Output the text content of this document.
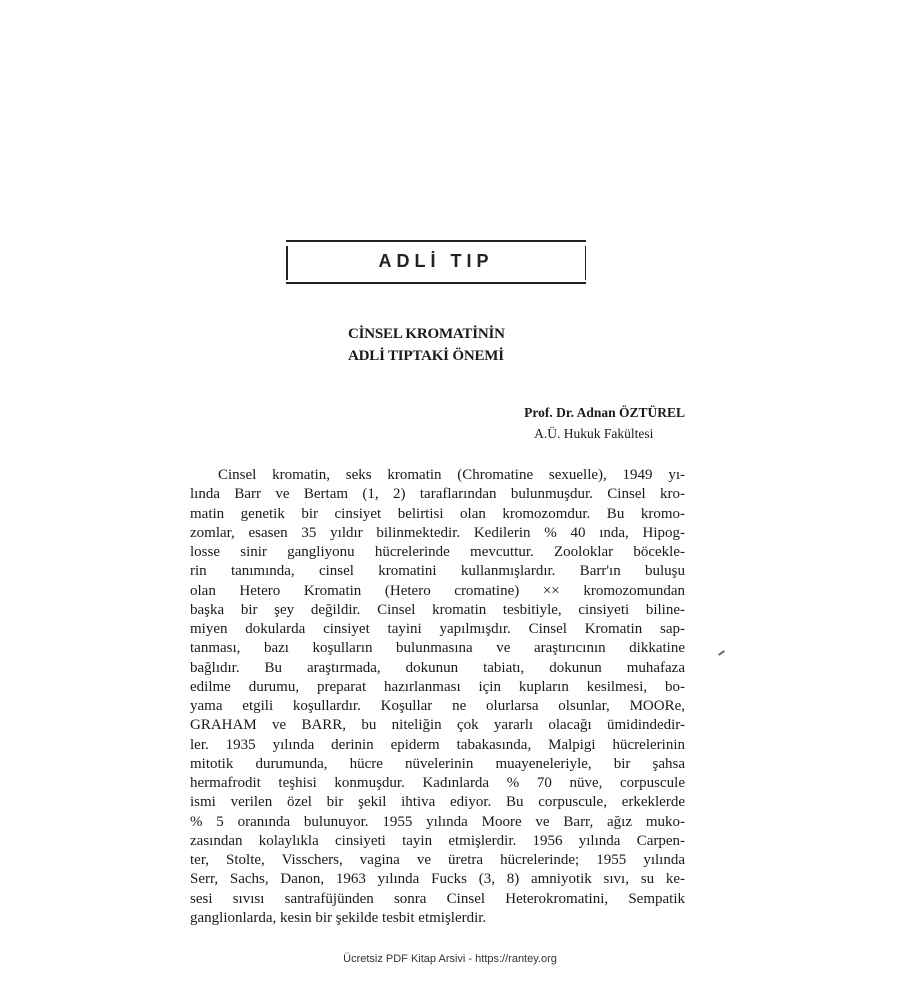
ADLİ TIP
CİNSEL KROMATİNİN
ADLİ TIPTAKİ ÖNEMİ
Prof. Dr. Adnan ÖZTÜREL
A.Ü. Hukuk Fakültesi
Cinsel kromatin, seks kromatin (Chromatine sexuelle), 1949 yı-
lında Barr ve Bertam (1, 2) taraflarından bulunmuşdur. Cinsel kro-
matin genetik bir cinsiyet belirtisi olan kromozomdur. Bu kromo-
zomlar, esasen 35 yıldır bilinmektedir. Kedilerin % 40 ında, Hipog-
losse sinir gangliyonu hücrelerinde mevcuttur. Zooloklar böcekle-
rin tanımında, cinsel kromatini kullanmışlardır. Barr'ın buluşu
olan Hetero Kromatin (Hetero cromatine) ×× kromozomundan
başka bir şey değildir. Cinsel kromatin tesbitiyle, cinsiyeti biline-
miyen dokularda cinsiyet tayini yapılmışdır. Cinsel Kromatin sap-
tanması, bazı koşulların bulunmasına ve araştırıcının dikkatine
bağlıdır. Bu araştırmada, dokunun tabiatı, dokunun muhafaza
edilme durumu, preparat hazırlanması için kupların kesilmesi, bo-
yama etgili koşullardır. Koşullar ne olurlarsa olsunlar, MOORe,
GRAHAM ve BARR, bu niteliğin çok yararlı olacağı ümidindedir-
ler. 1935 yılında derinin epiderm tabakasında, Malpigi hücrelerinin
mitotik durumunda, hücre nüvelerinin muayeneleriyle, bir şahsa
hermafrodit teşhisi konmuşdur. Kadınlarda % 70 nüve, corpuscule
ismi verilen özel bir şekil ihtiva ediyor. Bu corpuscule, erkeklerde
% 5 oranında bulunuyor. 1955 yılında Moore ve Barr, ağız muko-
zasından kolaylıkla cinsiyeti tayin etmişlerdir. 1956 yılında Carpen-
ter, Stolte, Visschers, vagina ve üretra hücrelerinde; 1955 yılında
Serr, Sachs, Danon, 1963 yılında Fucks (3, 8) amniyotik sıvı, su ke-
sesi sıvısı santrafüjünden sonra Cinsel Heterokromatini, Sempatik
ganglionlarda, kesin bir şekilde tesbit etmişlerdir.
Ücretsiz PDF Kitap Arsivi - https://rantey.org
